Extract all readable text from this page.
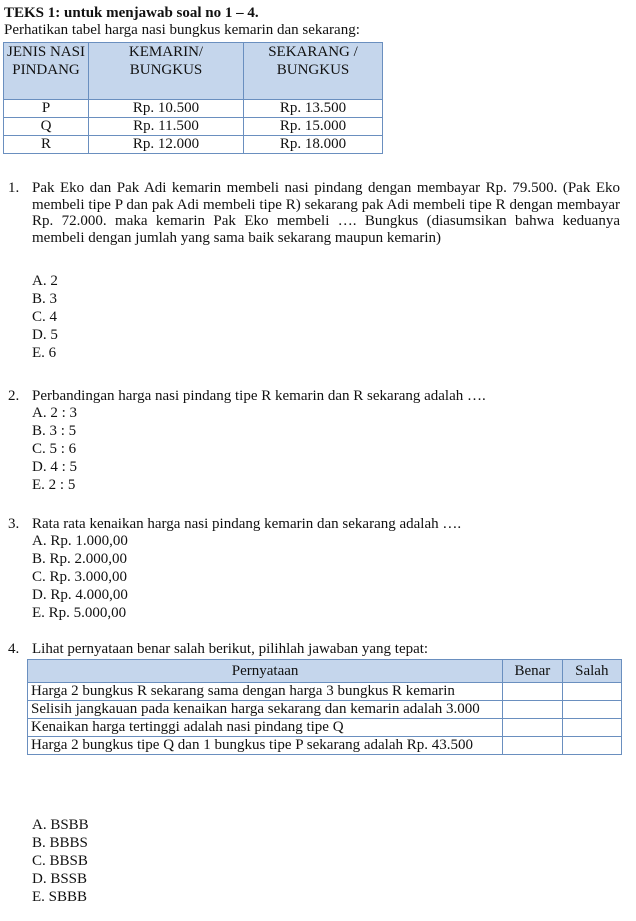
TEKS 1: untuk menjawab soal no 1 – 4.
Perhatikan tabel harga nasi bungkus kemarin dan sekarang:
JENIS NASI PINDANG	KEMARIN/ BUNGKUS	SEKARANG / BUNGKUS
P	Rp. 10.500	Rp. 13.500
Q	Rp. 11.500	Rp. 15.000
R	Rp. 12.000	Rp. 18.000
1. Pak Eko dan Pak Adi kemarin membeli nasi pindang dengan membayar Rp. 79.500. (Pak Eko membeli tipe P dan pak Adi membeli tipe R) sekarang pak Adi membeli tipe R dengan membayar Rp. 72.000. maka kemarin Pak Eko membeli …. Bungkus (diasumsikan bahwa keduanya membeli dengan jumlah yang sama baik sekarang maupun kemarin)
A. 2
B. 3
C. 4
D. 5
E. 6
2. Perbandingan harga nasi pindang tipe R kemarin dan R sekarang adalah ….
A. 2 : 3
B. 3 : 5
C. 5 : 6
D. 4 : 5
E. 2 : 5
3. Rata rata kenaikan harga nasi pindang kemarin dan sekarang adalah ….
A. Rp. 1.000,00
B. Rp. 2.000,00
C. Rp. 3.000,00
D. Rp. 4.000,00
E. Rp. 5.000,00
4. Lihat pernyataan benar salah berikut, pilihlah jawaban yang tepat:
Pernyataan	Benar	Salah
Harga 2 bungkus R sekarang sama dengan harga 3 bungkus R kemarin		
Selisih jangkauan pada kenaikan harga sekarang dan kemarin adalah 3.000		
Kenaikan harga tertinggi adalah nasi pindang tipe Q		
Harga 2 bungkus tipe Q dan 1 bungkus tipe P sekarang adalah Rp. 43.500		
A. BSBB
B. BBBS
C. BBSB
D. BSSB
E. SBBB
